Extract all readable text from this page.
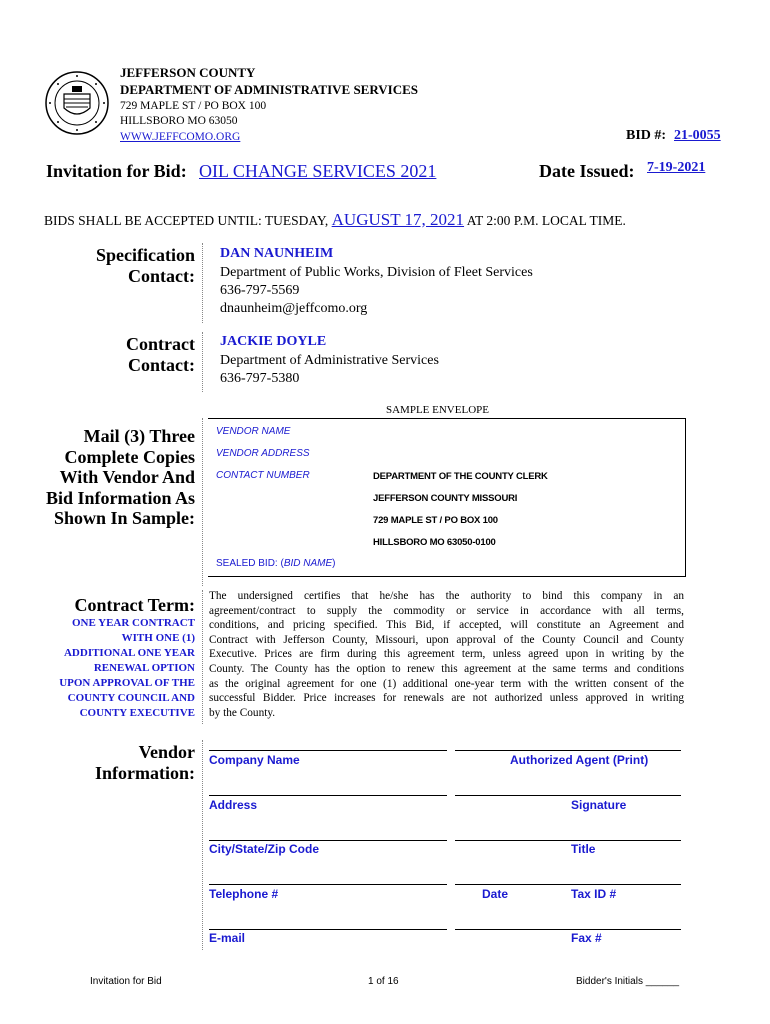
JEFFERSON COUNTY
DEPARTMENT OF ADMINISTRATIVE SERVICES
729 MAPLE ST / PO BOX 100
HILLSBORO MO 63050
WWW.JEFFCOMO.ORG	BID #: 21-0055
Invitation for Bid: OIL CHANGE SERVICES 2021	Date Issued: 7-19-2021
BIDS SHALL BE ACCEPTED UNTIL: TUESDAY, AUGUST 17, 2021 AT 2:00 P.M. LOCAL TIME.
Specification
Contact:
DAN NAUNHEIM
Department of Public Works, Division of Fleet Services
636-797-5569
dnaunheim@jeffcomo.org
Contract
Contact:
JACKIE DOYLE
Department of Administrative Services
636-797-5380
Mail (3) Three
Complete Copies
With Vendor And
Bid Information As
Shown In Sample:
SAMPLE ENVELOPE
VENDOR NAME
VENDOR ADDRESS
CONTACT NUMBER	DEPARTMENT OF THE COUNTY CLERK
JEFFERSON COUNTY MISSOURI
729 MAPLE ST / PO BOX 100
HILLSBORO MO 63050-0100
SEALED BID: (BID NAME)
Contract Term:
ONE YEAR CONTRACT
WITH ONE (1)
ADDITIONAL ONE YEAR
RENEWAL OPTION
UPON APPROVAL OF THE
COUNTY COUNCIL AND
COUNTY EXECUTIVE
The undersigned certifies that he/she has the authority to bind this company in an
agreement/contract to supply the commodity or service in accordance with all terms,
conditions, and pricing specified. This Bid, if accepted, will constitute an Agreement and
Contract with Jefferson County, Missouri, upon approval of the County Council and County
Executive. Prices are firm during this agreement term, unless agreed upon in writing by the
County. The County has the option to renew this agreement at the same terms and conditions
as the original agreement for one (1) additional one-year term with the written consent of the
successful Bidder. Price increases for renewals are not authorized unless approved in writing
by the County.
Vendor
Information:
Company Name	Authorized Agent (Print)
Address	Signature
City/State/Zip Code	Title
Telephone #	Date	Tax ID #
E-mail	Fax #
Invitation for Bid	1 of 16	Bidder's Initials ______
